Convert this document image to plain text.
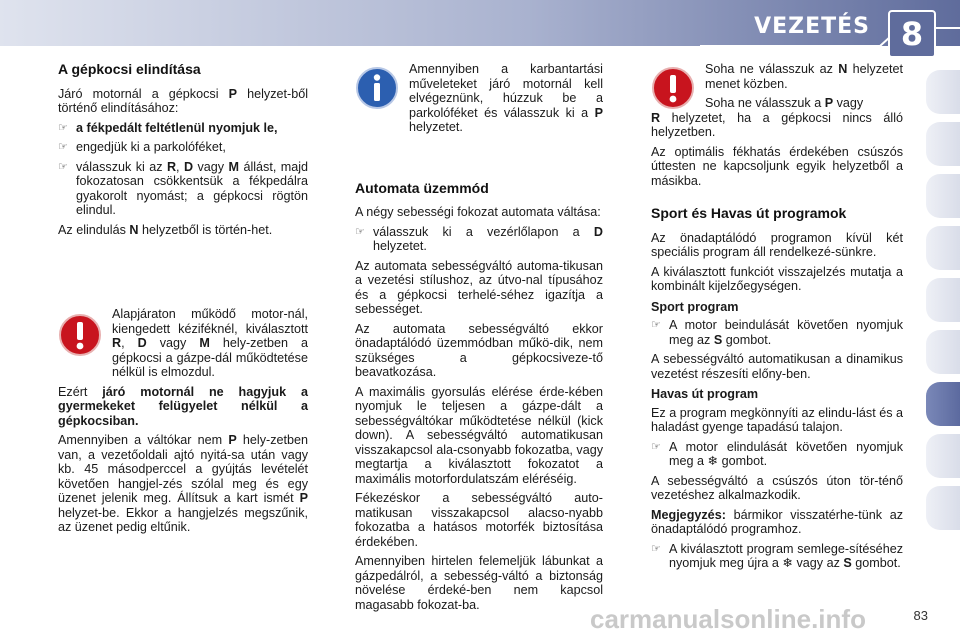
VEZETÉS 8
A gépkocsi elindítása

Járó motornál a gépkocsi P helyzet-ből történő elindításához:

☞ a fékpedált feltétlenül nyomjuk le,
☞ engedjük ki a parkolóféket,
☞ válasszuk ki az R, D vagy M állást, majd fokozatosan csökkentsük a fékpedálra gyakorolt nyomást; a gépkocsi rögtön elindul.

Az elindulás N helyzetből is történ-het.

Alapjáraton működő motor-nál, kiengedett kéziféknél, kiválasztott R, D vagy M hely-zetben a gépkocsi a gázpe-dál működtetése nélkül is elmozdul.

Ezért járó motornál ne hagyjuk a gyermekeket felügyelet nélkül a gépkocsiban.

Amennyiben a váltókar nem P hely-zetben van, a vezetőoldali ajtó nyitá-sa után vagy kb. 45 másodperccel a gyújtás levételét követően hangjel-zés szólal meg és egy üzenet jelenik meg. Állítsuk a kart ismét P helyzet-be. Ekkor a hangjelzés megszűnik, az üzenet pedig eltűnik.

Amennyiben a karbantartási műveleteket járó motornál kell elvégeznünk, húzzuk be a parkolóféket és válasszuk ki a P helyzetet.

Automata üzemmód

A négy sebességi fokozat automata váltása:

☞ válasszuk ki a vezérlőlapon a D helyzetet.

Az automata sebességváltó automa-tikusan a vezetési stílushoz, az útvo-nal típusához és a gépkocsi terhelé-séhez igazítja a sebességet.

Az automata sebességváltó ekkor önadaptálódó üzemmódban műkö-dik, nem szükséges a gépkocsiveze-tő beavatkozása.

A maximális gyorsulás elérése érde-kében nyomjuk le teljesen a gázpe-dált a sebességváltókar működtetése nélkül (kick down). A sebességváltó automatikusan visszakapcsol ala-csonyabb fokozatba, vagy megtartja a kiválasztott fokozatot a maximális motorfordulatszám eléréséig.

Fékezéskor a sebességváltó auto-matikusan visszakapcsol alacso-nyabb fokozatba a hatásos motorfék biztosítása érdekében.

Amennyiben hirtelen felemeljük lábunkat a gázpedálról, a sebesség-váltó a biztonság növelése érdeké-ben nem kapcsol magasabb fokozat-ba.

Soha ne válasszuk az N helyzetet menet közben.

Soha ne válasszuk a P vagy

R helyzetet, ha a gépkocsi nincs álló helyzetben.

Az optimális fékhatás érdekében csúszós úttesten ne kapcsoljunk egyik helyzetből a másikba.

Sport és Havas út programok

Az önadaptálódó programon kívül két speciális program áll rendelkezé-sünkre.

A kiválasztott funkciót visszajelzés mutatja a kombinált kijelzőegységen.

Sport program
☞ A motor beindulását követően nyomjuk meg az S gombot.

A sebességváltó automatikusan a dinamikus vezetést részesíti előny-ben.

Havas út program

Ez a program megkönnyíti az elindu-lást és a haladást gyenge tapadású talajon.

☞ A motor elindulását követően nyomjuk meg a ❄ gombot.

A sebességváltó a csúszós úton tör-ténő vezetéshez alkalmazkodik.

Megjegyzés: bármikor visszatérhe-tünk az önadaptálódó programhoz.

☞ A kiválasztott program semlege-sítéséhez nyomjuk meg újra a ❄ vagy az S gombot.
carmanualsonline.info	83
